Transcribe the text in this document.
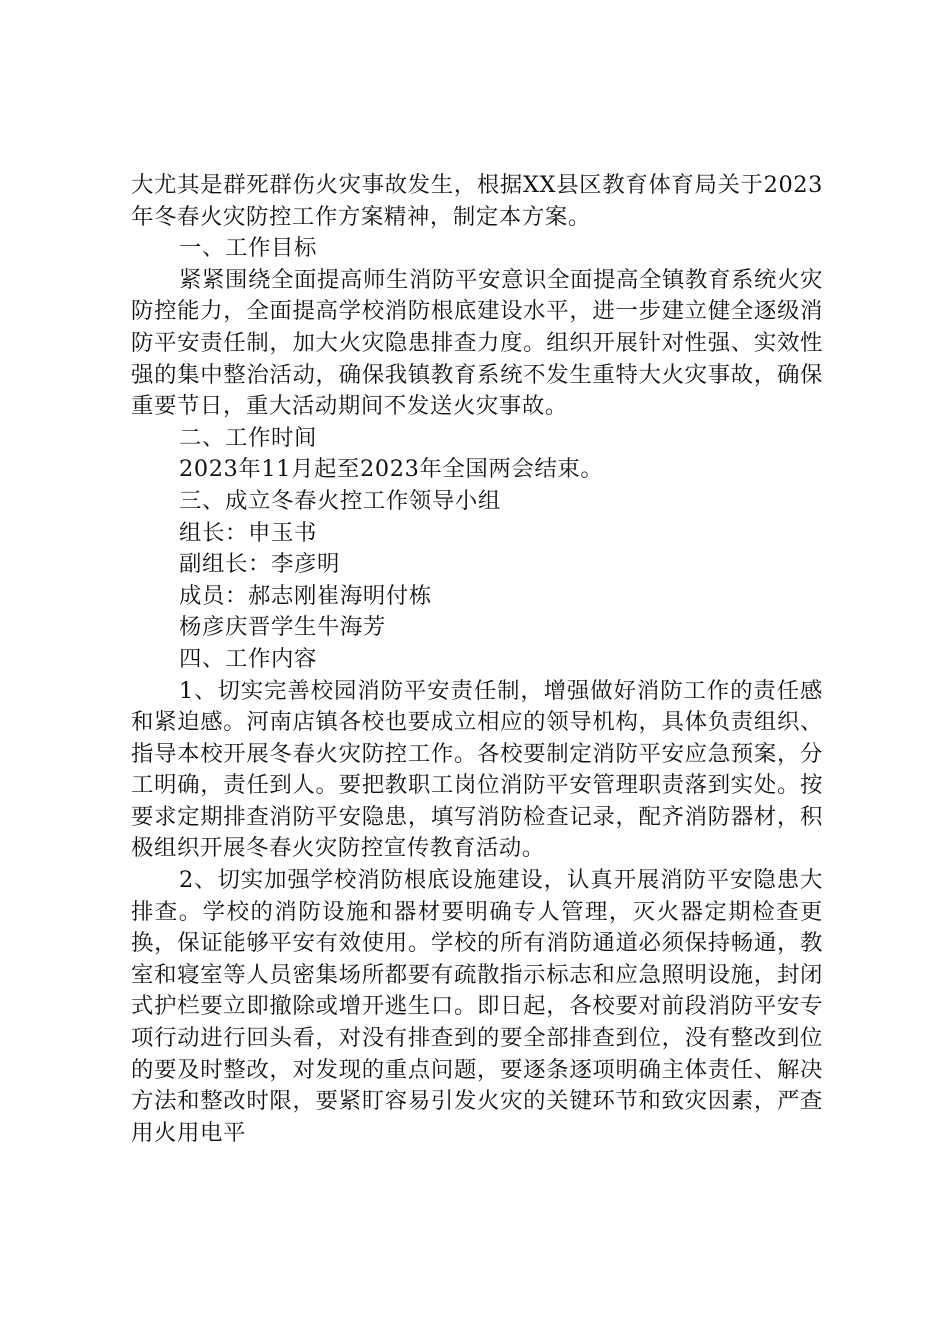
大尤其是群死群伤火灾事故发生，根据XX县区教育体育局关于2023年冬春火灾防控工作方案精神，制定本方案。

一、工作目标

紧紧围绕全面提高师生消防平安意识全面提高全镇教育系统火灾防控能力，全面提高学校消防根底建设水平，进一步建立健全逐级消防平安责任制，加大火灾隐患排查力度。组织开展针对性强、实效性强的集中整治活动，确保我镇教育系统不发生重特大火灾事故，确保重要节日，重大活动期间不发送火灾事故。

二、工作时间

2023年11月起至2023年全国两会结束。

三、成立冬春火控工作领导小组

组长：申玉书

副组长：李彦明

成员：郝志刚崔海明付栋

杨彦庆晋学生牛海芳

四、工作内容

1、切实完善校园消防平安责任制，增强做好消防工作的责任感和紧迫感。河南店镇各校也要成立相应的领导机构，具体负责组织、指导本校开展冬春火灾防控工作。各校要制定消防平安应急预案，分工明确，责任到人。要把教职工岗位消防平安管理职责落到实处。按要求定期排查消防平安隐患，填写消防检查记录，配齐消防器材，积极组织开展冬春火灾防控宣传教育活动。

2、切实加强学校消防根底设施建设，认真开展消防平安隐患大排查。学校的消防设施和器材要明确专人管理，灭火器定期检查更换，保证能够平安有效使用。学校的所有消防通道必须保持畅通，教室和寝室等人员密集场所都要有疏散指示标志和应急照明设施，封闭式护栏要立即撤除或增开逃生口。即日起，各校要对前段消防平安专项行动进行回头看，对没有排查到的要全部排查到位，没有整改到位的要及时整改，对发现的重点问题，要逐条逐项明确主体责任、解决方法和整改时限，要紧盯容易引发火灾的关键环节和致灾因素，严查用火用电平
